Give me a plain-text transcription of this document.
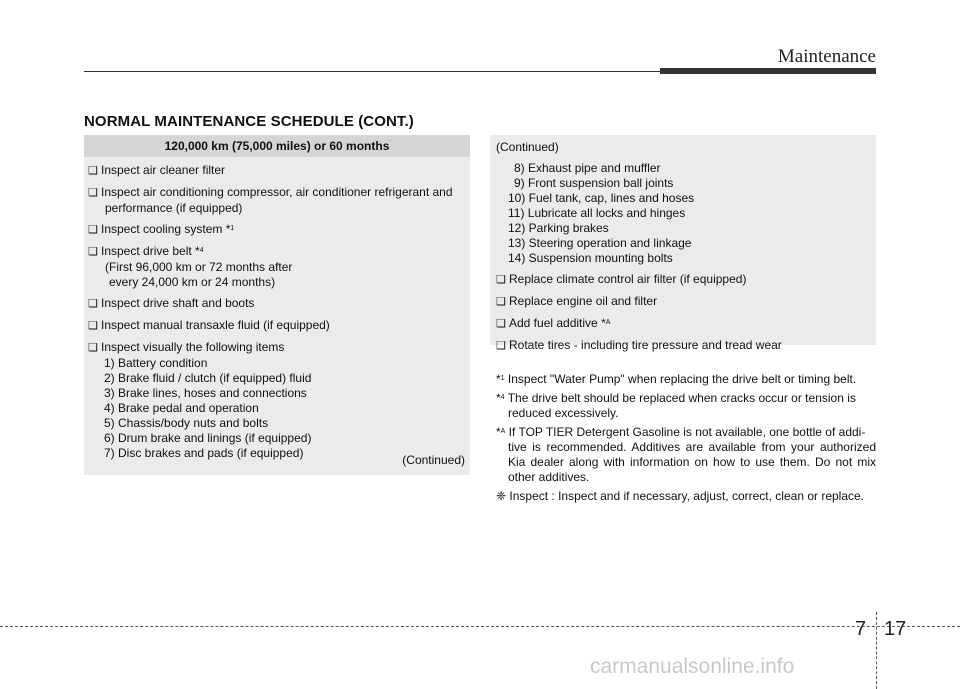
Maintenance
NORMAL MAINTENANCE SCHEDULE (CONT.)
120,000 km (75,000 miles) or 60 months
❑ Inspect air cleaner filter
❑ Inspect air conditioning compressor, air conditioner refrigerant and
performance (if equipped)
❑ Inspect cooling system *$^1$
❑ Inspect drive belt *$^4$
(First 96,000 km or 72 months after
every 24,000 km or 24 months)
❑ Inspect drive shaft and boots
❑ Inspect manual transaxle fluid (if equipped)
❑ Inspect visually the following items
1) Battery condition
2) Brake fluid / clutch (if equipped) fluid
3) Brake lines, hoses and connections
4) Brake pedal and operation
5) Chassis/body nuts and bolts
6) Drum brake and linings (if equipped)
7) Disc brakes and pads (if equipped)	(Continued)
(Continued)
8) Exhaust pipe and muffler
9) Front suspension ball joints
10) Fuel tank, cap, lines and hoses
11) Lubricate all locks and hinges
12) Parking brakes
13) Steering operation and linkage
14) Suspension mounting bolts
❑ Replace climate control air filter (if equipped)
❑ Replace engine oil and filter
❑ Add fuel additive *$^A$
❑ Rotate tires - including tire pressure and tread wear
*$^1$ Inspect "Water Pump" when replacing the drive belt or timing belt.
*$^4$ The drive belt should be replaced when cracks occur or tension is
reduced excessively.
*$^A$ If TOP TIER Detergent Gasoline is not available, one bottle of addi-
tive is recommended. Additives are available from your authorized Kia dealer along with information on how to use them. Do not mix other additives.
❈ Inspect : Inspect and if necessary, adjust, correct, clean or replace.
7 17
carmanualsonline.info
